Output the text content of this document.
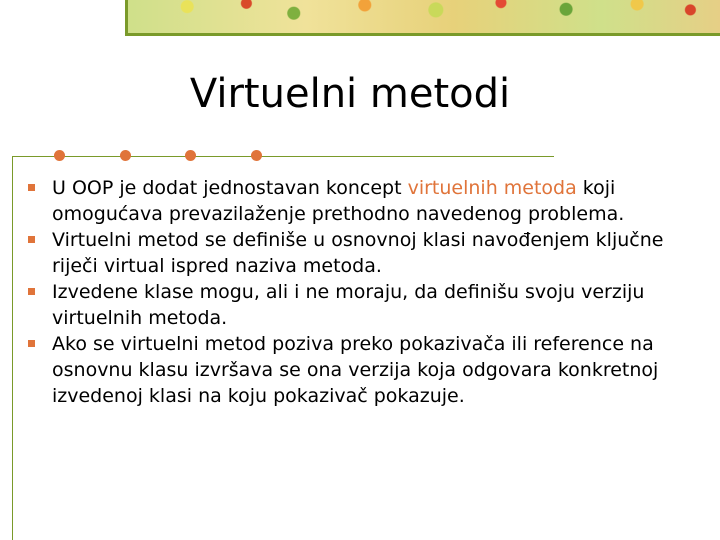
Virtuelni metodi
U OOP je dodat jednostavan koncept virtuelnih metoda koji omogućava prevazilaženje prethodno navedenog problema.
Virtuelni metod se definiše u osnovnoj klasi navođenjem ključne riječi virtual ispred naziva metoda.
Izvedene klase mogu, ali i ne moraju, da definišu svoju verziju virtuelnih metoda.
Ako se virtuelni metod poziva preko pokazivača ili reference na osnovnu klasu izvršava se ona verzija koja odgovara konkretnoj izvedenoj klasi na koju pokazivač pokazuje.
